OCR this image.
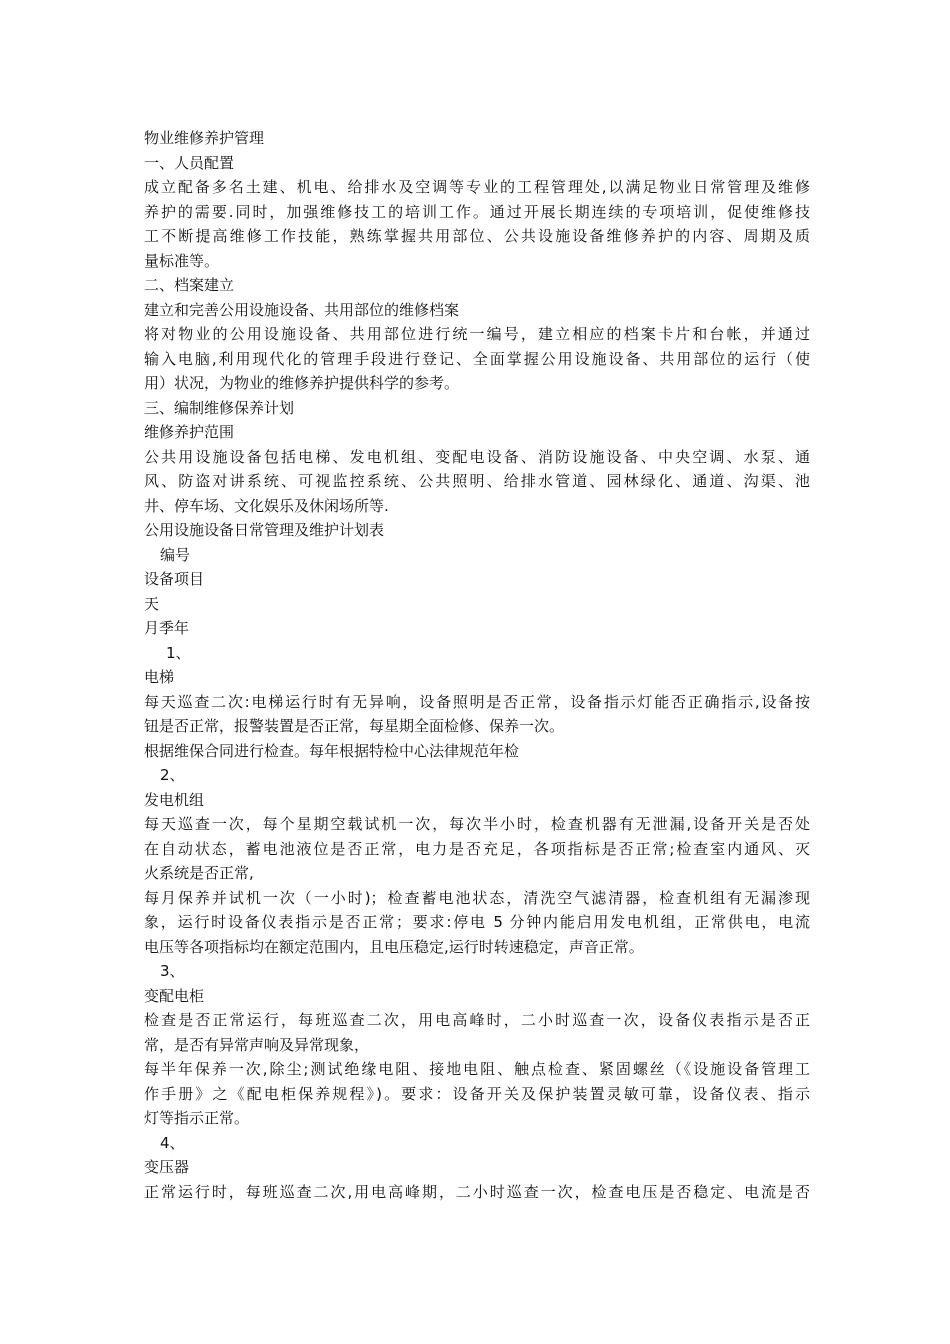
物业维修养护管理
一、人员配置
成立配备多名土建、机电、给排水及空调等专业的工程管理处,以满足物业日常管理及维修
养护的需要.同时，加强维修技工的培训工作。通过开展长期连续的专项培训，促使维修技
工不断提高维修工作技能，熟练掌握共用部位、公共设施设备维修养护的内容、周期及质
量标准等。
二、档案建立
建立和完善公用设施设备、共用部位的维修档案
将对物业的公用设施设备、共用部位进行统一编号，建立相应的档案卡片和台帐，并通过
输入电脑,利用现代化的管理手段进行登记、全面掌握公用设施设备、共用部位的运行（使
用）状况，为物业的维修养护提供科学的参考。
三、编制维修保养计划
维修养护范围
公共用设施设备包括电梯、发电机组、变配电设备、消防设施设备、中央空调、水泵、通
风、防盗对讲系统、可视监控系统、公共照明、给排水管道、园林绿化、通道、沟渠、池
井、停车场、文化娱乐及休闲场所等.
公用设施设备日常管理及维护计划表
编号
设备项目
天
月季年
1、
电梯
每天巡查二次:电梯运行时有无异响，设备照明是否正常，设备指示灯能否正确指示,设备按
钮是否正常，报警装置是否正常，每星期全面检修、保养一次。
根据维保合同进行检查。每年根据特检中心法律规范年检
2、
发电机组
每天巡查一次，每个星期空载试机一次，每次半小时，检查机器有无泄漏,设备开关是否处
在自动状态，蓄电池液位是否正常，电力是否充足，各项指标是否正常;检查室内通风、灭
火系统是否正常,
每月保养并试机一次（一小时)；检查蓄电池状态，清洗空气滤清器，检查机组有无漏渗现
象，运行时设备仪表指示是否正常；要求:停电 5 分钟内能启用发电机组，正常供电，电流
电压等各项指标均在额定范围内，且电压稳定,运行时转速稳定，声音正常。
3、
变配电柜
检查是否正常运行，每班巡查二次，用电高峰时，二小时巡查一次，设备仪表指示是否正
常，是否有异常声响及异常现象，
每半年保养一次,除尘;测试绝缘电阻、接地电阻、触点检查、紧固螺丝（《设施设备管理工
作手册》之《配电柜保养规程》)。要求：设备开关及保护装置灵敏可靠，设备仪表、指示
灯等指示正常。
4、
变压器
正常运行时，每班巡查二次,用电高峰期，二小时巡查一次，检查电压是否稳定、电流是否
